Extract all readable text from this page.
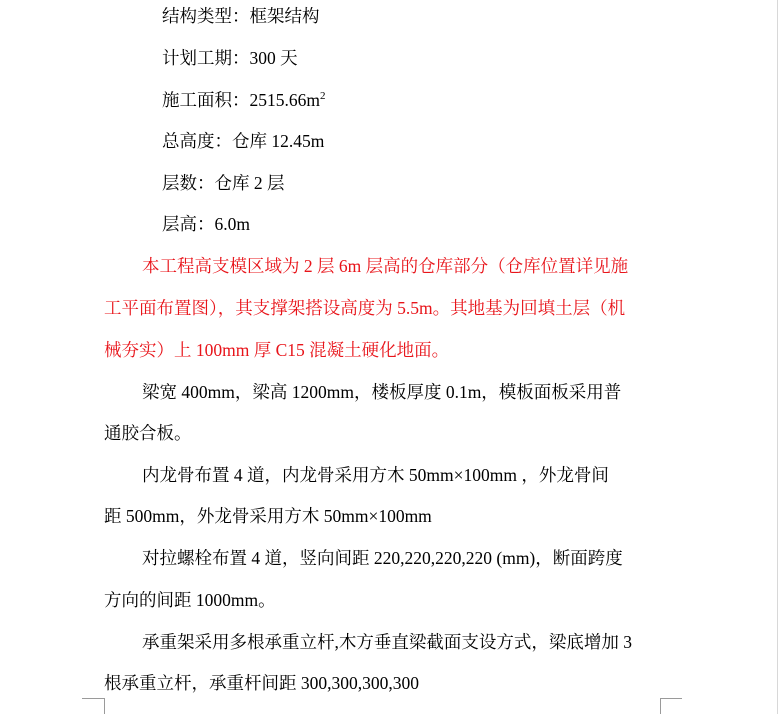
结构类型：框架结构
计划工期：300 天
施工面积：$2515.66m^2$
总高度：仓库 12.45m
层数：仓库 2 层
层高：6.0m
本工程高支模区域为 2 层 6m 层高的仓库部分（仓库位置详见施
工平面布置图），其支撑架搭设高度为 5.5m。其地基为回填土层（机
械夯实）上 100mm 厚 C15 混凝土硬化地面。
梁宽 400mm，梁高 1200mm，楼板厚度 0.1m，模板面板采用普
通胶合板。
内龙骨布置 4 道，内龙骨采用方木 50mm×100mm ，外龙骨间
距 500mm，外龙骨采用方木 50mm×100mm
对拉螺栓布置 4 道，竖向间距 220,220,220,220 (mm)，断面跨度
方向的间距 1000mm。
承重架采用多根承重立杆,木方垂直梁截面支设方式，梁底增加 3
根承重立杆，承重杆间距 300,300,300,300
